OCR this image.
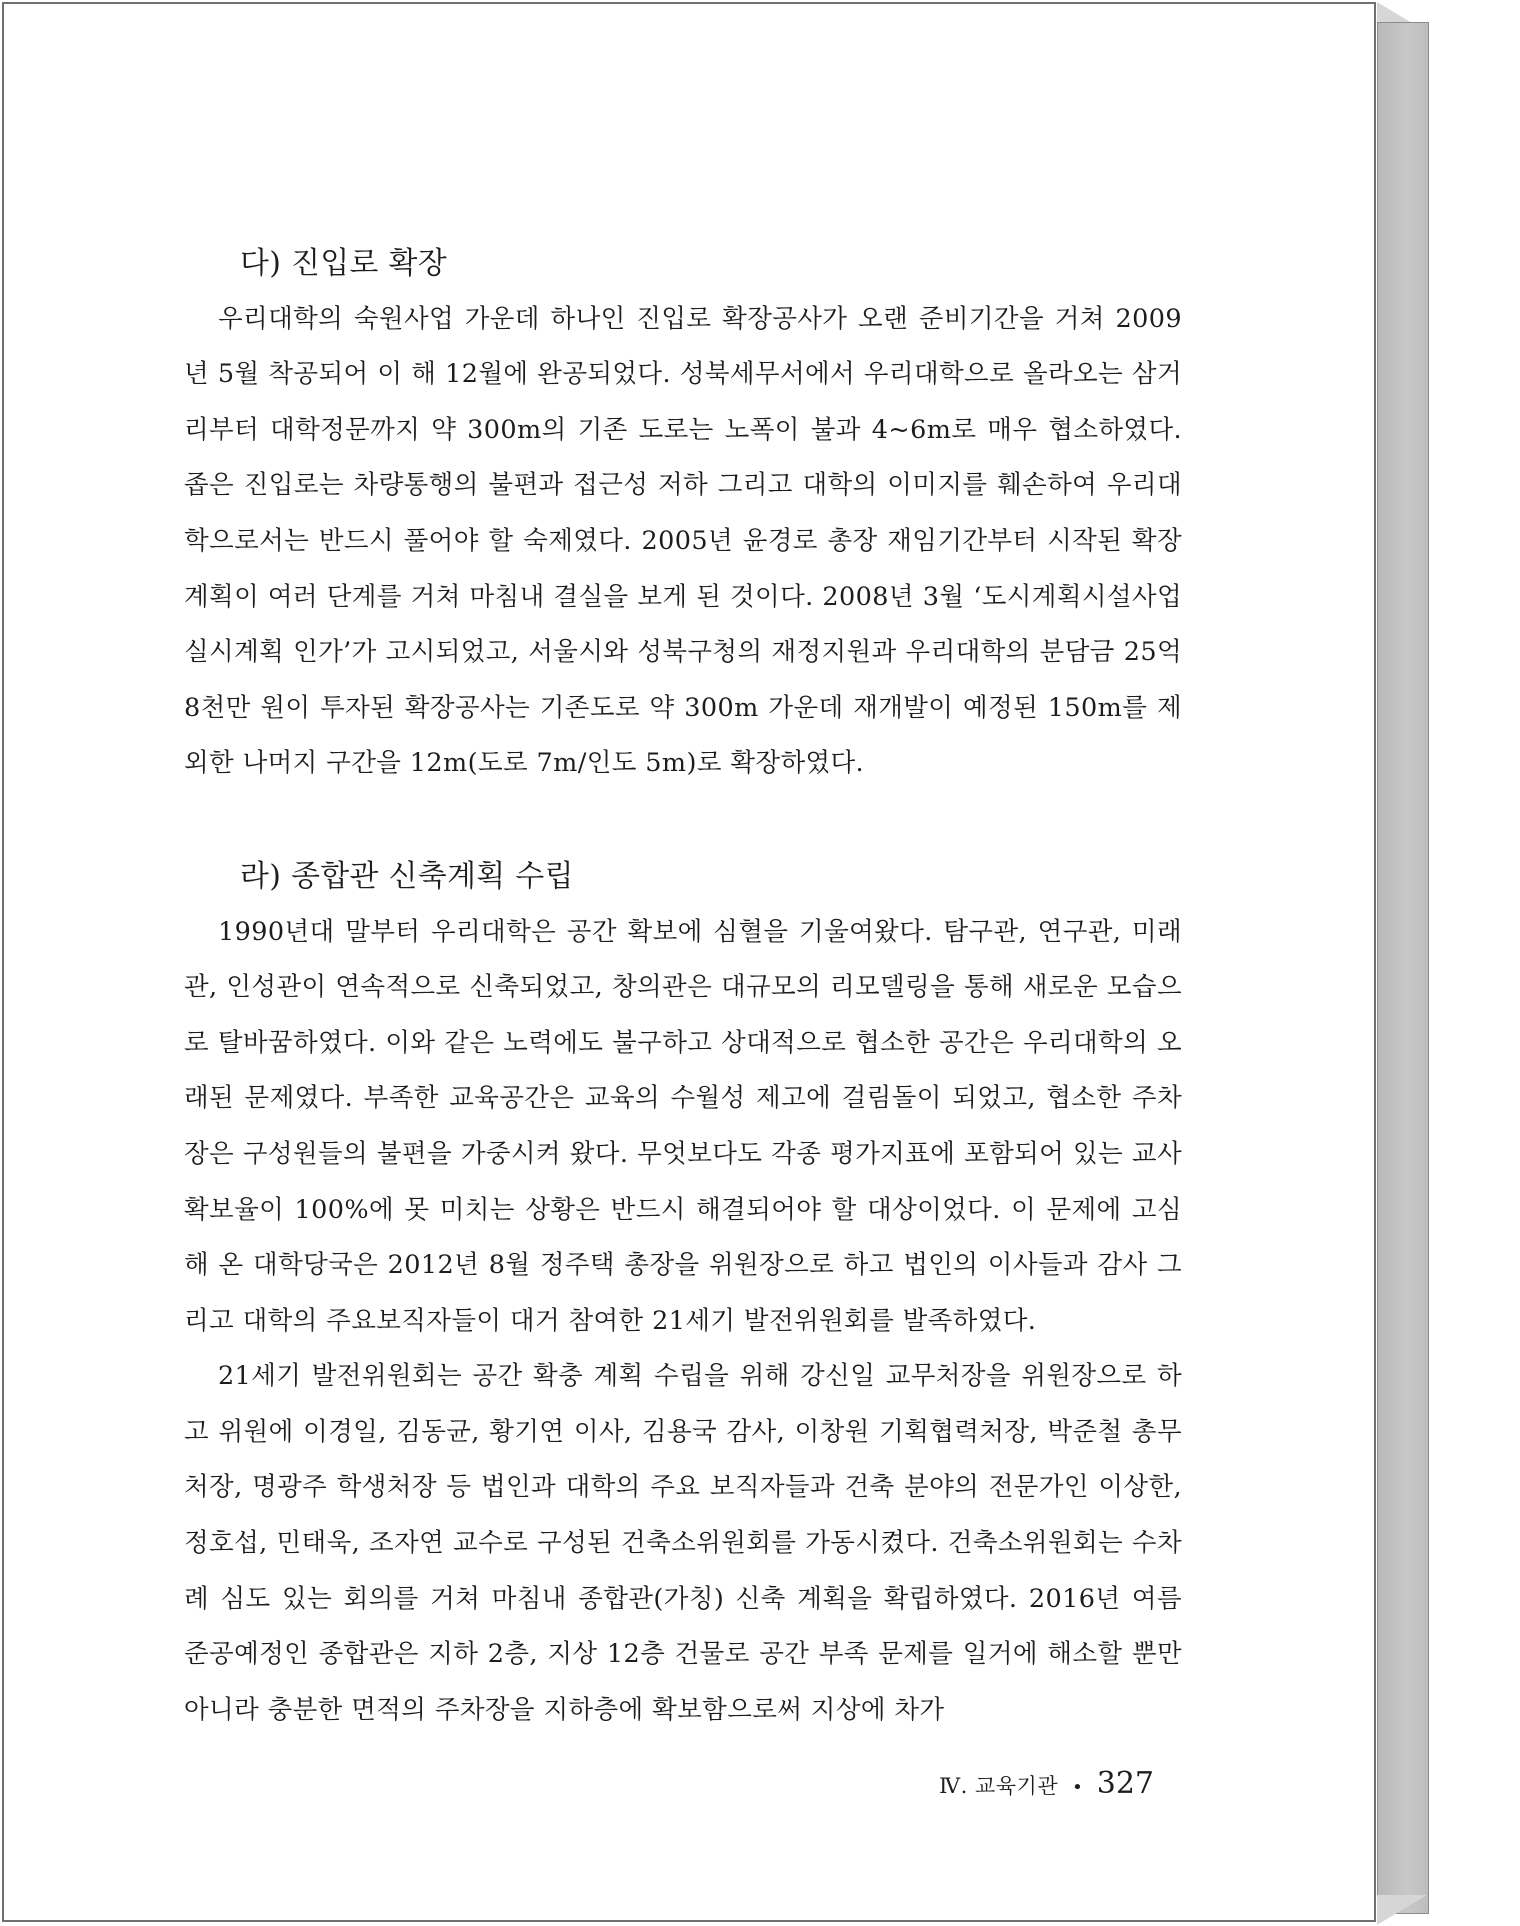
다) 진입로 확장

우리대학의 숙원사업 가운데 하나인 진입로 확장공사가 오랜 준비기간을 거쳐 2009년 5월 착공되어 이 해 12월에 완공되었다. 성북세무서에서 우리대학으로 올라오는 삼거리부터 대학정문까지 약 300m의 기존 도로는 노폭이 불과 4~6m로 매우 협소하였다. 좁은 진입로는 차량통행의 불편과 접근성 저하 그리고 대학의 이미지를 훼손하여 우리대학으로서는 반드시 풀어야 할 숙제였다. 2005년 윤경로 총장 재임기간부터 시작된 확장계획이 여러 단계를 거쳐 마침내 결실을 보게 된 것이다. 2008년 3월 ‘도시계획시설사업 실시계획 인가’가 고시되었고, 서울시와 성북구청의 재정지원과 우리대학의 분담금 25억 8천만 원이 투자된 확장공사는 기존도로 약 300m 가운데 재개발이 예정된 150m를 제외한 나머지 구간을 12m(도로 7m/인도 5m)로 확장하였다.

라) 종합관 신축계획 수립

1990년대 말부터 우리대학은 공간 확보에 심혈을 기울여왔다. 탐구관, 연구관, 미래관, 인성관이 연속적으로 신축되었고, 창의관은 대규모의 리모델링을 통해 새로운 모습으로 탈바꿈하였다. 이와 같은 노력에도 불구하고 상대적으로 협소한 공간은 우리대학의 오래된 문제였다. 부족한 교육공간은 교육의 수월성 제고에 걸림돌이 되었고, 협소한 주차장은 구성원들의 불편을 가중시켜 왔다. 무엇보다도 각종 평가지표에 포함되어 있는 교사확보율이 100%에 못 미치는 상황은 반드시 해결되어야 할 대상이었다. 이 문제에 고심해 온 대학당국은 2012년 8월 정주택 총장을 위원장으로 하고 법인의 이사들과 감사 그리고 대학의 주요보직자들이 대거 참여한 21세기 발전위원회를 발족하였다.

21세기 발전위원회는 공간 확충 계획 수립을 위해 강신일 교무처장을 위원장으로 하고 위원에 이경일, 김동균, 황기연 이사, 김용국 감사, 이창원 기획협력처장, 박준철 총무처장, 명광주 학생처장 등 법인과 대학의 주요 보직자들과 건축 분야의 전문가인 이상한, 정호섭, 민태욱, 조자연 교수로 구성된 건축소위원회를 가동시켰다. 건축소위원회는 수차례 심도 있는 회의를 거쳐 마침내 종합관(가칭) 신축 계획을 확립하였다. 2016년 여름 준공예정인 종합관은 지하 2층, 지상 12층 건물로 공간 부족 문제를 일거에 해소할 뿐만 아니라 충분한 면적의 주차장을 지하층에 확보함으로써 지상에 차가

Ⅳ. 교육기관 • 327
